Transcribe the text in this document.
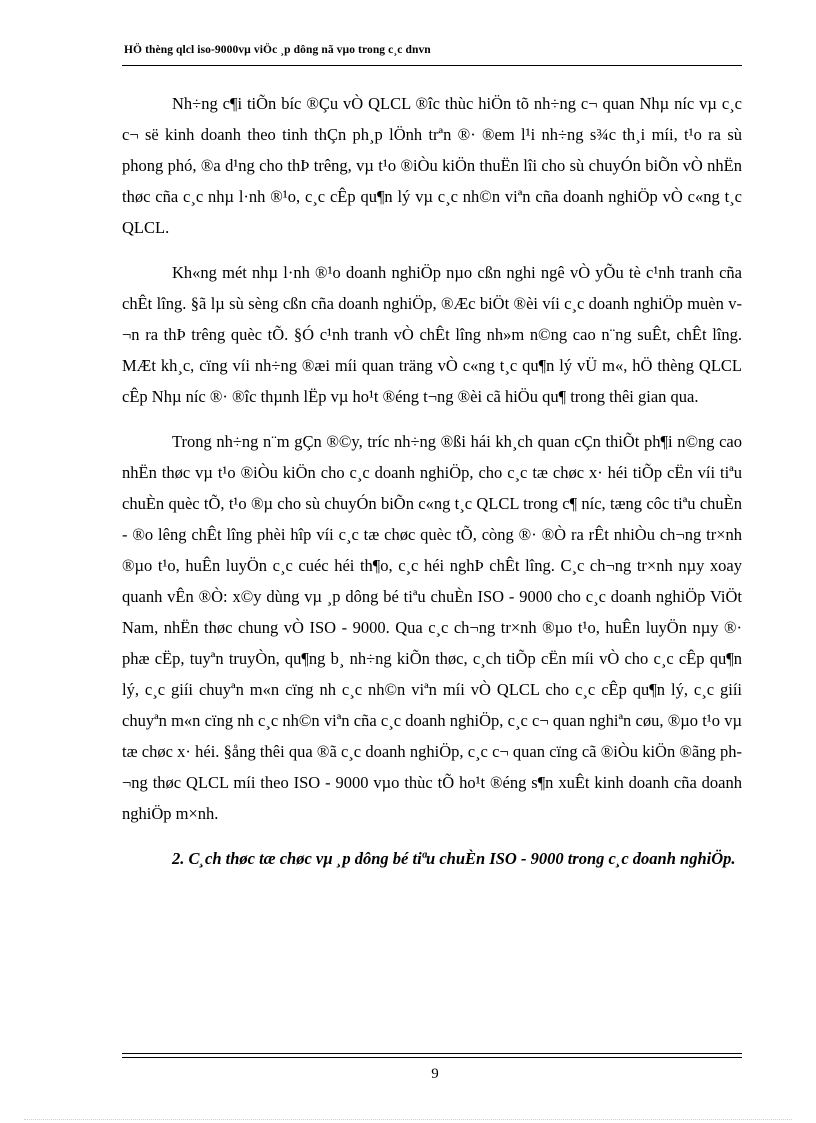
HÖ thèng qlcl iso-9000vµ viÖc ¸p dông nã vµo trong c¸c dnvn

Nh÷ng c¶i tiÕn bíc ®Çu vÒ QLCL ®îc thùc hiÖn tõ nh÷ng c¬ quan Nhµ níc vµ c¸c c¬ së kinh doanh theo tinh thÇn ph¸p lÖnh trªn ®· ®em l¹i nh÷ng s¾c th¸i míi, t¹o ra sù phong phó, ®a d¹ng cho thÞ trêng, vµ t¹o ®iÒu kiÖn thuËn lîi cho sù chuyÓn biÕn vÒ nhËn thøc cña c¸c nhµ l·nh ®¹o, c¸c cÊp qu¶n lý vµ c¸c nh©n viªn cña doanh nghiÖp vÒ c«ng t¸c QLCL.

Kh«ng mét nhµ l·nh ®¹o doanh nghiÖp nµo cßn nghi ngê vÒ yÕu tè c¹nh tranh cña chÊt lîng. §ã lµ sù sèng cßn cña doanh nghiÖp, ®Æc biÖt ®èi víi c¸c doanh nghiÖp muèn v¬n ra thÞ trêng quèc tÕ. §Ó c¹nh tranh vÒ chÊt lîng nh»m n©ng cao n¨ng suÊt, chÊt lîng. MÆt kh¸c, cïng víi nh÷ng ®æi míi quan träng vÒ c«ng t¸c qu¶n lý vÜ m«, hÖ thèng QLCL cÊp Nhµ níc ®· ®îc thµnh lËp vµ ho¹t ®éng t¬ng ®èi cã hiÖu qu¶ trong thêi gian qua.

Trong nh÷ng n¨m gÇn ®©y, tríc nh÷ng ®ßi hái kh¸ch quan cÇn thiÕt ph¶i n©ng cao nhËn thøc vµ t¹o ®iÒu kiÖn cho c¸c doanh nghiÖp, cho c¸c tæ chøc x· héi tiÕp cËn víi tiªu chuÈn quèc tÕ, t¹o ®µ cho sù chuyÓn biÕn c«ng t¸c QLCL trong c¶ níc, tæng côc tiªu chuÈn - ®o lêng chÊt lîng phèi hîp víi c¸c tæ chøc quèc tÕ, còng ®· ®Ò ra rÊt nhiÒu ch¬ng tr×nh ®µo t¹o, huÊn luyÖn c¸c cuéc héi th¶o, c¸c héi nghÞ chÊt lîng. C¸c ch¬ng tr×nh nµy xoay quanh vÊn ®Ò: x©y dùng vµ ¸p dông bé tiªu chuÈn ISO - 9000 cho c¸c doanh nghiÖp ViÖt Nam, nhËn thøc chung vÒ ISO - 9000. Qua c¸c ch¬ng tr×nh ®µo t¹o, huÊn luyÖn nµy ®· phæ cËp, tuyªn truyÒn, qu¶ng b¸ nh÷ng kiÕn thøc, c¸ch tiÕp cËn míi vÒ cho c¸c cÊp qu¶n lý, c¸c giíi chuyªn m«n cïng nh c¸c nh©n viªn míi vÒ QLCL cho c¸c cÊp qu¶n lý, c¸c giíi chuyªn m«n cïng nh c¸c nh©n viªn cña c¸c doanh nghiÖp, c¸c c¬ quan nghiªn cøu, ®µo t¹o vµ tæ chøc x· héi. §ång thêi qua ®ã c¸c doanh nghiÖp, c¸c c¬ quan cïng cã ®iÒu kiÖn ®ãng ph¬ng thøc QLCL míi theo ISO - 9000 vµo thùc tÕ ho¹t ®éng s¶n xuÊt kinh doanh cña doanh nghiÖp m×nh.

2. C¸ch thøc tæ chøc vµ ¸p dông bé tiªu chuÈn ISO - 9000 trong c¸c doanh nghiÖp.

9
